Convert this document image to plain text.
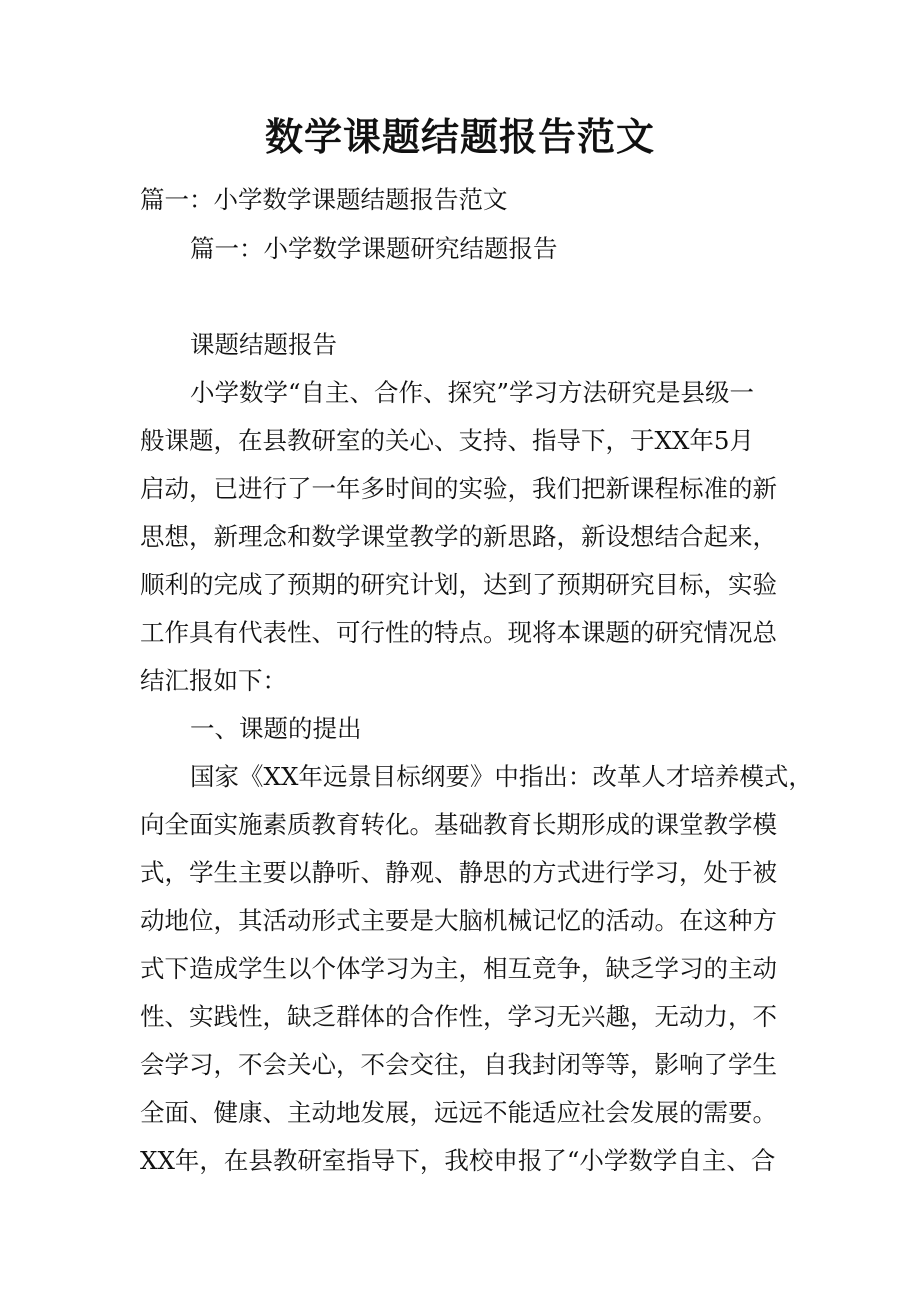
数学课题结题报告范文
篇一：小学数学课题结题报告范文
篇一：小学数学课题研究结题报告
课题结题报告
小学数学“自主、合作、探究”学习方法研究是县级一
般课题，在县教研室的关心、支持、指导下，于XX年5月
启动，已进行了一年多时间的实验，我们把新课程标准的新
思想，新理念和数学课堂教学的新思路，新设想结合起来，
顺利的完成了预期的研究计划，达到了预期研究目标，实验
工作具有代表性、可行性的特点。现将本课题的研究情况总
结汇报如下：
一、课题的提出
国家《XX年远景目标纲要》中指出：改革人才培养模式，
向全面实施素质教育转化。基础教育长期形成的课堂教学模
式，学生主要以静听、静观、静思的方式进行学习，处于被
动地位，其活动形式主要是大脑机械记忆的活动。在这种方
式下造成学生以个体学习为主，相互竞争，缺乏学习的主动
性、实践性，缺乏群体的合作性，学习无兴趣，无动力，不
会学习，不会关心，不会交往，自我封闭等等，影响了学生
全面、健康、主动地发展，远远不能适应社会发展的需要。
XX年，在县教研室指导下，我校申报了“小学数学自主、合
